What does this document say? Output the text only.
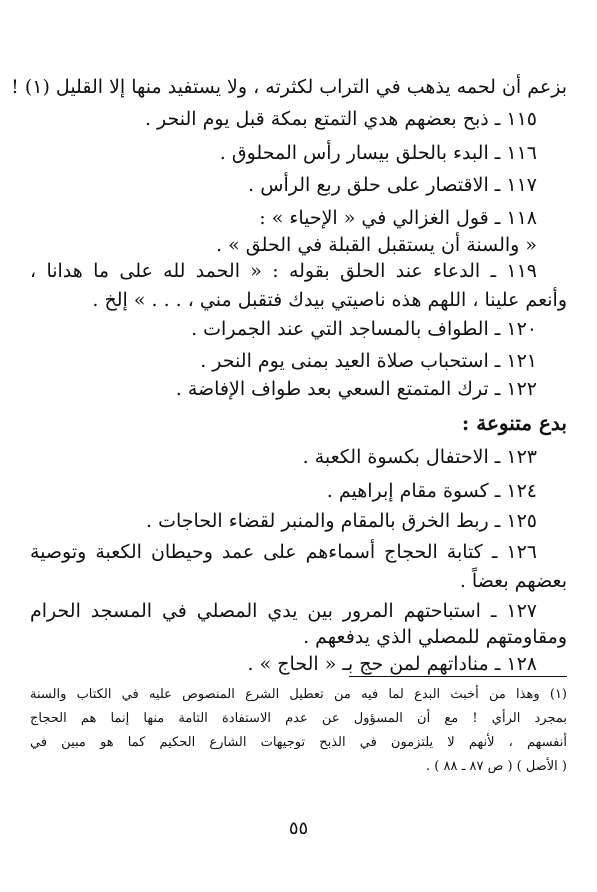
بزعم أن لحمه يذهب في التراب لكثرته ، ولا يستفيد منها إلا القليل (١) !
١١٥ ـ ذبح بعضهم هدي التمتع بمكة قبل يوم النحر .
١١٦ ـ البدء بالحلق بيسار رأس المحلوق .
١١٧ ـ الاقتصار على حلق ربع الرأس .
١١٨ ـ قول الغزالي في « الإحياء » :
« والسنة أن يستقبل القبلة في الحلق » .
١١٩ ـ الدعاء عند الحلق بقوله : « الحمد لله على ما هدانا ،
وأنعم علينا ، اللهم هذه ناصيتي بيدك فتقبل مني ، . . . » إلخ .
١٢٠ ـ الطواف بالمساجد التي عند الجمرات .
١٢١ ـ استحباب صلاة العيد بمنى يوم النحر .
١٢٢ ـ ترك المتمتع السعي بعد طواف الإفاضة .
بدع متنوعة :
١٢٣ ـ الاحتفال بكسوة الكعبة .
١٢٤ ـ كسوة مقام إبراهيم .
١٢٥ ـ ربط الخرق بالمقام والمنبر لقضاء الحاجات .
١٢٦ ـ كتابة الحجاج أسماءهم على عمد وحيطان الكعبة وتوصية
بعضهم بعضاً .
١٢٧ ـ استباحتهم المرور بين يدي المصلي في المسجد الحرام
ومقاومتهم للمصلي الذي يدفعهم .
١٢٨ ـ مناداتهم لمن حج بـ « الحاج » .
(١) وهذا من أخبث البدع لما فيه من تعطيل الشرع المنصوص عليه في الكتاب والسنة
بمجرد الرأي ! مع أن المسؤول عن عدم الاستفادة التامة منها إنما هم الحجاج
أنفسهم ، لأنهم لا يلتزمون في الذبح توجيهات الشارع الحكيم كما هو مبين في
( الأصل ) ( ص ٨٧ ـ ٨٨ ) .
٥٥
